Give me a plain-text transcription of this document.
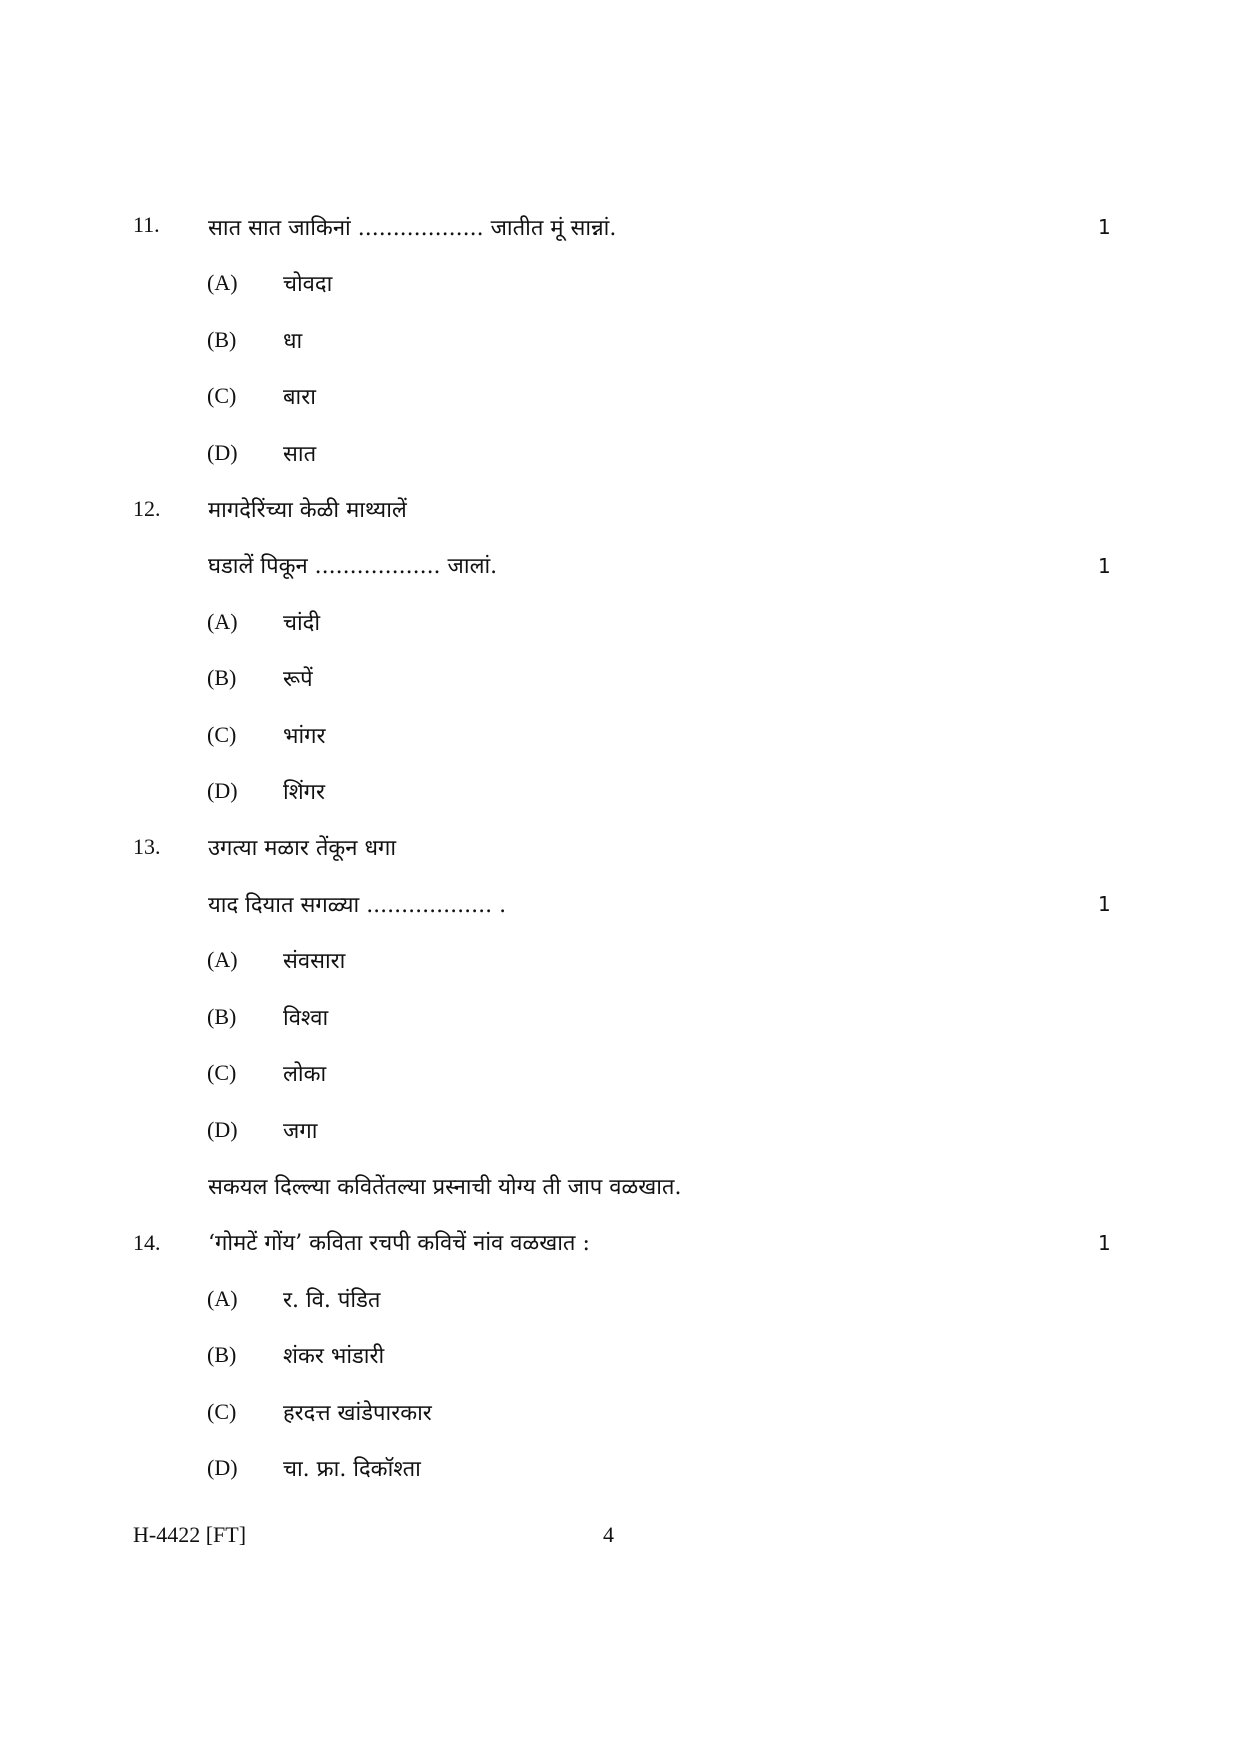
11. सात सात जाकिनां .................. जातीत मूं सान्नां.	1
(A) चोवदा
(B) धा
(C) बारा
(D) सात
12. मागदेरिंच्या केळी माथ्यालें
घडालें पिकून .................. जालां.	1
(A) चांदी
(B) रूपें
(C) भांगर
(D) शिंगर
13. उगत्या मळार तेंकून धगा
याद दियात सगळ्या .................. .	1
(A) संवसारा
(B) विश्वा
(C) लोका
(D) जगा
सकयल दिल्ल्या कवितेंतल्या प्रस्नाची योग्य ती जाप वळखात.
14. ‘गोमटें गोंय’ कविता रचपी कविचें नांव वळखात :	1
(A) र. वि. पंडित
(B) शंकर भांडारी
(C) हरदत्त खांडेपारकार
(D) चा. फ्रा. दिकॉश्ता
H-4422 [FT]	4
